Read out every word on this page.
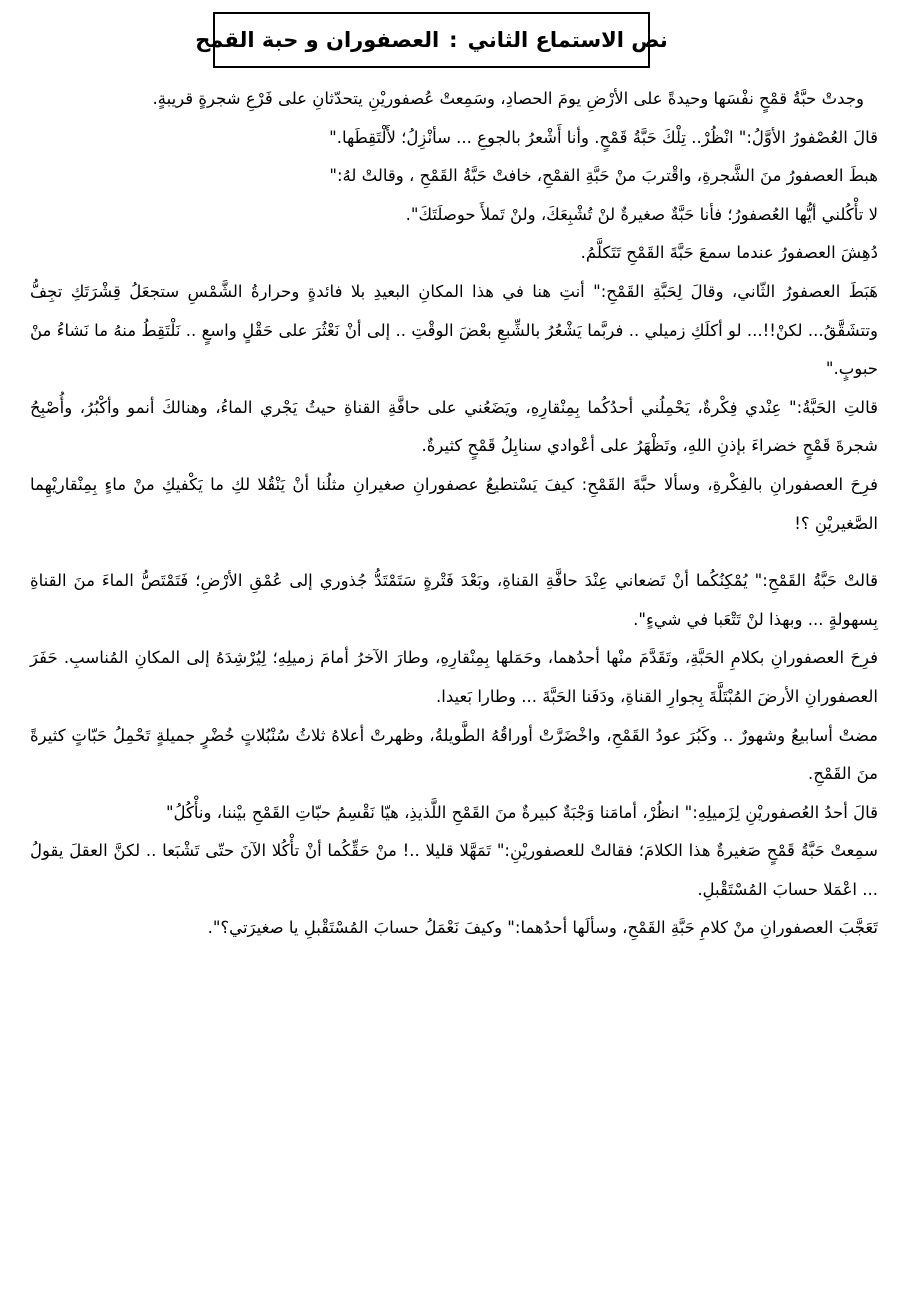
نص الاستماع الثاني
:
العصفوران و حبة القمح

وجدتْ حبَّةُ قمْحٍ نفْسَها وحيدةً على الأرْضِ يومَ الحصادِ، وسَمِعتْ عُصفوريْنِ يتحدّثانِ على فَرْعِ شجرةٍ قريبةٍ.

قالَ العُصْفورُ الأوَّلُ:" انْظُرْ.. تِلْكَ حَبَّةُ قَمْحٍ. وأنا أَشْعرُ بالجوعِ ... سأنْزِلُ؛ لأَلْتَقِطَها."

هبطَ العصفورُ منَ الشَّجرةِ، واقْتربَ منْ حَبَّةِ القمْحِ، خافتْ حَبَّةُ القَمْحِ ، وقالتْ لهُ:"

لا تأْكُلني أيُّها العُصفورُ؛ فأنا حَبَّةٌ صغيرةٌ لنْ تُشْبِعَكَ، ولنْ تَملأَ حوصلَتَكَ".

دُهِشَ العصفورُ عندما سمعَ حَبَّةَ القَمْحِ تَتَكلَّمُ.

هَبَطَ العصفورُ الثّاني، وقالَ لِحَبَّةِ القَمْحِ:" أنتِ هنا في هذا المكانِ البعيدِ بلا فائدةٍ وحرارةُ الشَّمْسِ ستجعَلُ قِشْرَتَكِ تجِفُّ وتتشَقَّقُ... لكنْ!!... لو أكلَكِ زميلي .. فربَّما يَشْعُرُ بالشِّبعِ بعْضَ الوقْتِ .. إلى أنْ نَعْثُرَ على حَقْلٍ واسعٍ .. نَلْتَقِطُ منهُ ما نَشاءُ منْ حبوبٍ."

قالتِ الحَبَّةُ:" عِنْدي فِكْرةٌ، يَحْمِلُني أحدُكُما بِمِنْقارِهِ، ويَضَعُني على حافَّةِ القناةِ حيثُ يَجْري الماءُ، وهنالكَ أنمو وأكْبُرُ، وأُصْبِحُ شجرةَ قَمْحٍ خضراءَ بإذنِ اللهِ، وتَظْهَرُ على أعْوادي سنابِلُ قَمْحٍ كثيرةٌ.

فرِحَ العصفورانِ بالفِكْرةِ، وسألا حبَّةَ القَمْحِ: كيفَ يَسْتطيعُ عصفورانِ صغيرانِ مثلُنا أنْ يَنْقُلا لكِ ما يَكْفيكِ منْ ماءٍ بِمِنْقاريْهِما الصَّغيريْنِ ؟!

قالتْ حَبَّةُ القَمْحِ:" يُمْكِنُكُما أنْ تَضعاني عِنْدَ حافَّةِ القناةِ، وبَعْدَ فَتْرةٍ سَتَمْتَدُّ جُذوري إلى عُمْقِ الأرْضِ؛ فَتَمْتَصُّ الماءَ منَ القناةِ بِسهولةٍ ... وبهذا لنْ تَتْعَبا في شيءٍ".

فرِحَ العصفورانِ بكلامِ الحَبَّةِ، وتَقَدَّمَ منْها أحدُهما، وحَمَلها بِمِنْقارِهِ، وطارَ الآخرُ أمامَ زميلِهِ؛ لِيُرْشِدَهُ إلى المكانِ المُناسبِ. حَفَرَ العصفورانِ الأرضَ المُبْتَلَّةَ بِجوارِ القناةِ، ودَفَنا الحَبَّةَ ... وطارا بَعيدا.

مضتْ أسابيعُ وشهورٌ .. وكَبُرَ عودُ القَمْحِ، واخْضَرَّتْ أوراقُهُ الطَّويلةُ، وظهرتْ أعلاهُ ثلاثُ سُنْبُلاتٍ خُضْرٍ جميلةٍ تَحْمِلُ حَبّاتٍ كثيرةً منَ القَمْحِ.

قالَ أحدُ العُصفوريْنِ لِزَميلِهِ:" انظُرْ، أمامَنا وَجْبَةٌ كبيرةٌ منَ القَمْحِ اللَّذيذِ، هيّا نَقْسِمُ حبّاتِ القَمْحِ بيْننا، ونأْكُلُ"

سمِعتْ حَبَّةُ قَمْحٍ صَغيرةٌ هذا الكلامَ؛ فقالتْ للعصفوريْنِ:" تَمَهَّلا قليلا ..! منْ حَقِّكُما أنْ تأْكُلا الآنَ حتّى تَشْبَعا .. لكنَّ العقلَ يقولُ ... اعْمَلا حسابَ المُسْتَقْبلِ.

تَعَجَّبَ العصفورانِ منْ كلامِ حَبَّةِ القَمْحِ، وسألَها أحدُهما:" وكيفَ نَعْمَلُ حسابَ المُسْتَقْبلِ يا صغيرَتي؟".
